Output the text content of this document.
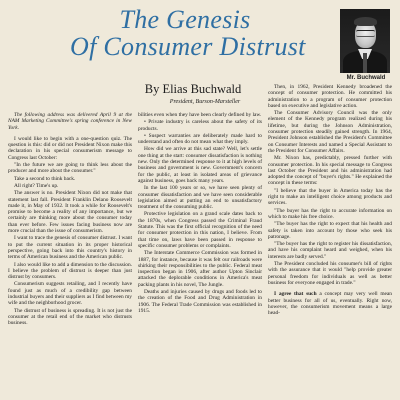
The Genesis
Of Consumer Distrust
Mr. Buchwald
By Elias Buchwald
President, Burson-Marsteller

The following address was delivered April 9 at the NAM Marketing Committee's spring conference in New York.

I would like to begin with a one-question quiz. The question is this: did or did not President Nixon make this declaration in his special consumerism message to Congress last October:

"In the future we are going to think less about the producer and more about the consumer."

Take a second to think back.

All right? Time's up.

The answer is no. President Nixon did not make that statement last fall. President Franklin Delano Roosevelt made it, in May of 1932. It took a while for Roosevelt's promise to become a reality of any importance, but we certainly are thinking more about the consumer today than ever before. Few issues facing business now are more crucial than the issue of consumerism.

I want to trace the genesis of consumer distrust. I want to put the current situation in its proper historical perspective, going back into this country's history in terms of American business and the American public.

I also would like to add a dimension to the discussion. I believe the problem of distrust is deeper than just distrust by consumers.

Consumerism suggests retailing, and I recently have found just as much of a credibility gap between industrial buyers and their suppliers as I find between my wife and the neighborhood grocer.

The distrust of business is spreading. It is not just the consumer at the retail end of the market who distrusts business.

bilities even when they have been clearly defined by law.

• Private industry is careless about the safety of its products.

• Suspect warranties are deliberately made hard to understand and often do not mean what they imply.

How did we arrive at this sad state? Well, let's settle one thing at the start: consumer dissatisfaction is nothing new. Only the determined response to it at high levels of business and government is new. Government's concern for the public, at least in isolated areas of grievance against business, goes back many years.

In the last 100 years or so, we have seen plenty of consumer dissatisfaction and we have seen considerable legislation aimed at putting an end to unsatisfactory treatment of the consuming public.

Protective legislation on a grand scale dates back to the 1870s, when Congress passed the Criminal Fraud Statute. This was the first official recognition of the need for consumer protection in this nation, I believe. From that time on, laws have been passed in response to specific consumer problems or complaints.

The Interstate Commerce Commission was formed in 1887, for instance, because it was felt our railroads were shirking their responsibilities to the public. Federal meat inspection began in 1906, after author Upton Sinclair attacked the deplorable conditions in America's meat packing plants in his novel, The Jungle.

Deaths and injuries caused by drugs and foods led to the creation of the Food and Drug Administration in 1906. The Federal Trade Commission was established in 1915.

Then, in 1962, President Kennedy broadened the concept of consumer protection. He committed his administration to a program of consumer protection based on executive and legislative action.

The Consumer Advisory Council was the only element of the Kennedy program realized during his lifetime, but during the Johnson Administration, consumer protection steadily gained strength. In 1964, President Johnson established the President's Committee on Consumer Interests and named a Special Assistant to the President for Consumer Affairs.

Mr. Nixon has, predictably, pressed further with consumer protection. In his special message to Congress last October the President and his administration had adopted the concept of "buyer's rights." He explained the concept in these terms:

"I believe that the buyer in America today has the right to make an intelligent choice among products and services.

"The buyer has the right to accurate information on which to make his free choice.

"The buyer has the right to expect that his health and safety is taken into account by those who seek his patronage.

"The buyer has the right to register his dissatisfaction, and have his complaint heard and weighed, when his interests are badly served."

The President concluded his consumer's bill of rights with the assurance that it would "help provide greater personal freedom for individuals as well as better business for everyone engaged in trade."

I agree that such a concept may very well mean better business for all of us, eventually. Right now, however, the consumerism movement means a large head-
